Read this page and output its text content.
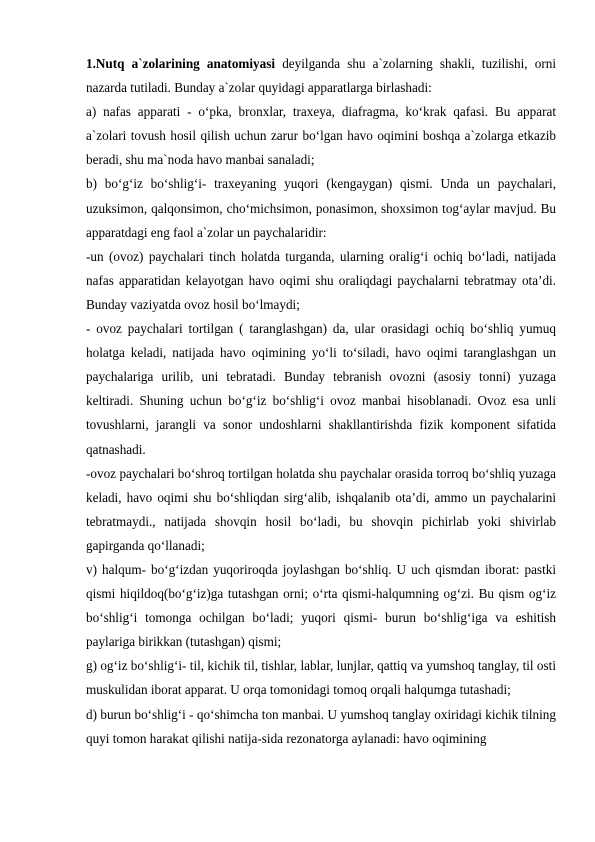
1.Nutq a`zolarining anatomiyasi deyilganda shu a`zolarning shakli, tuzilishi, orni nazarda tutiladi. Bunday a`zolar quyidagi apparatlarga birlashadi:

a) nafas apparati - o‘pka, bronxlar, traxeya, diafragma, ko‘krak qafasi. Bu apparat a`zolari tovush hosil qilish uchun zarur bo‘lgan havo oqimini boshqa a`zolarga etkazib beradi, shu ma`noda havo manbai sanaladi;

b) bo‘g‘iz bo‘shlig‘i- traxeyaning yuqori (kengaygan) qismi. Unda un paychalari, uzuksimon, qalqonsimon, cho‘michsimon, ponasimon, shoxsimon tog‘aylar mavjud. Bu apparatdagi eng faol a`zolar un paychalaridir:

-un (ovoz) paychalari tinch holatda turganda, ularning oralig‘i ochiq bo‘ladi, natijada nafas apparatidan kelayotgan havo oqimi shu oraliqdagi paychalarni tebratmay ota’di. Bunday vaziyatda ovoz hosil bo‘lmaydi;

- ovoz paychalari tortilgan ( taranglashgan) da, ular orasidagi ochiq bo‘shliq yumuq holatga keladi, natijada havo oqimining yo‘li to‘siladi, havo oqimi taranglashgan un paychalariga urilib, uni tebratadi. Bunday tebranish ovozni (asosiy tonni) yuzaga keltiradi. Shuning uchun bo‘g‘iz bo‘shlig‘i ovoz manbai hisoblanadi. Ovoz esa unli tovushlarni, jarangli va sonor undoshlarni shakllantirishda fizik komponent sifatida qatnashadi.

-ovoz paychalari bo‘shroq tortilgan holatda shu paychalar orasida torroq bo‘shliq yuzaga keladi, havo oqimi shu bo‘shliqdan sirg‘alib, ishqalanib ota’di, ammo un paychalarini tebratmaydi., natijada shovqin hosil bo‘ladi, bu shovqin pichirlab yoki shivirlab gapirganda qo‘llanadi;

v) halqum- bo‘g‘izdan yuqoriroqda joylashgan bo‘shliq. U uch qismdan iborat: pastki qismi hiqildoq(bo‘g‘iz)ga tutashgan orni; o‘rta qismi-halqumning og‘zi. Bu qism og‘iz bo‘shlig‘i tomonga ochilgan bo‘ladi; yuqori qismi- burun bo‘shlig‘iga va eshitish paylariga birikkan (tutashgan) qismi;

g) og‘iz bo‘shlig‘i- til, kichik til, tishlar, lablar, lunjlar, qattiq va yumshoq tanglay, til osti muskulidan iborat apparat. U orqa tomonidagi tomoq orqali halqumga tutashadi;

d) burun bo‘shlig‘i - qo‘shimcha ton manbai. U yumshoq tanglay oxiridagi kichik tilning quyi tomon harakat qilishi natija-sida rezonatorga aylanadi: havo oqimining
